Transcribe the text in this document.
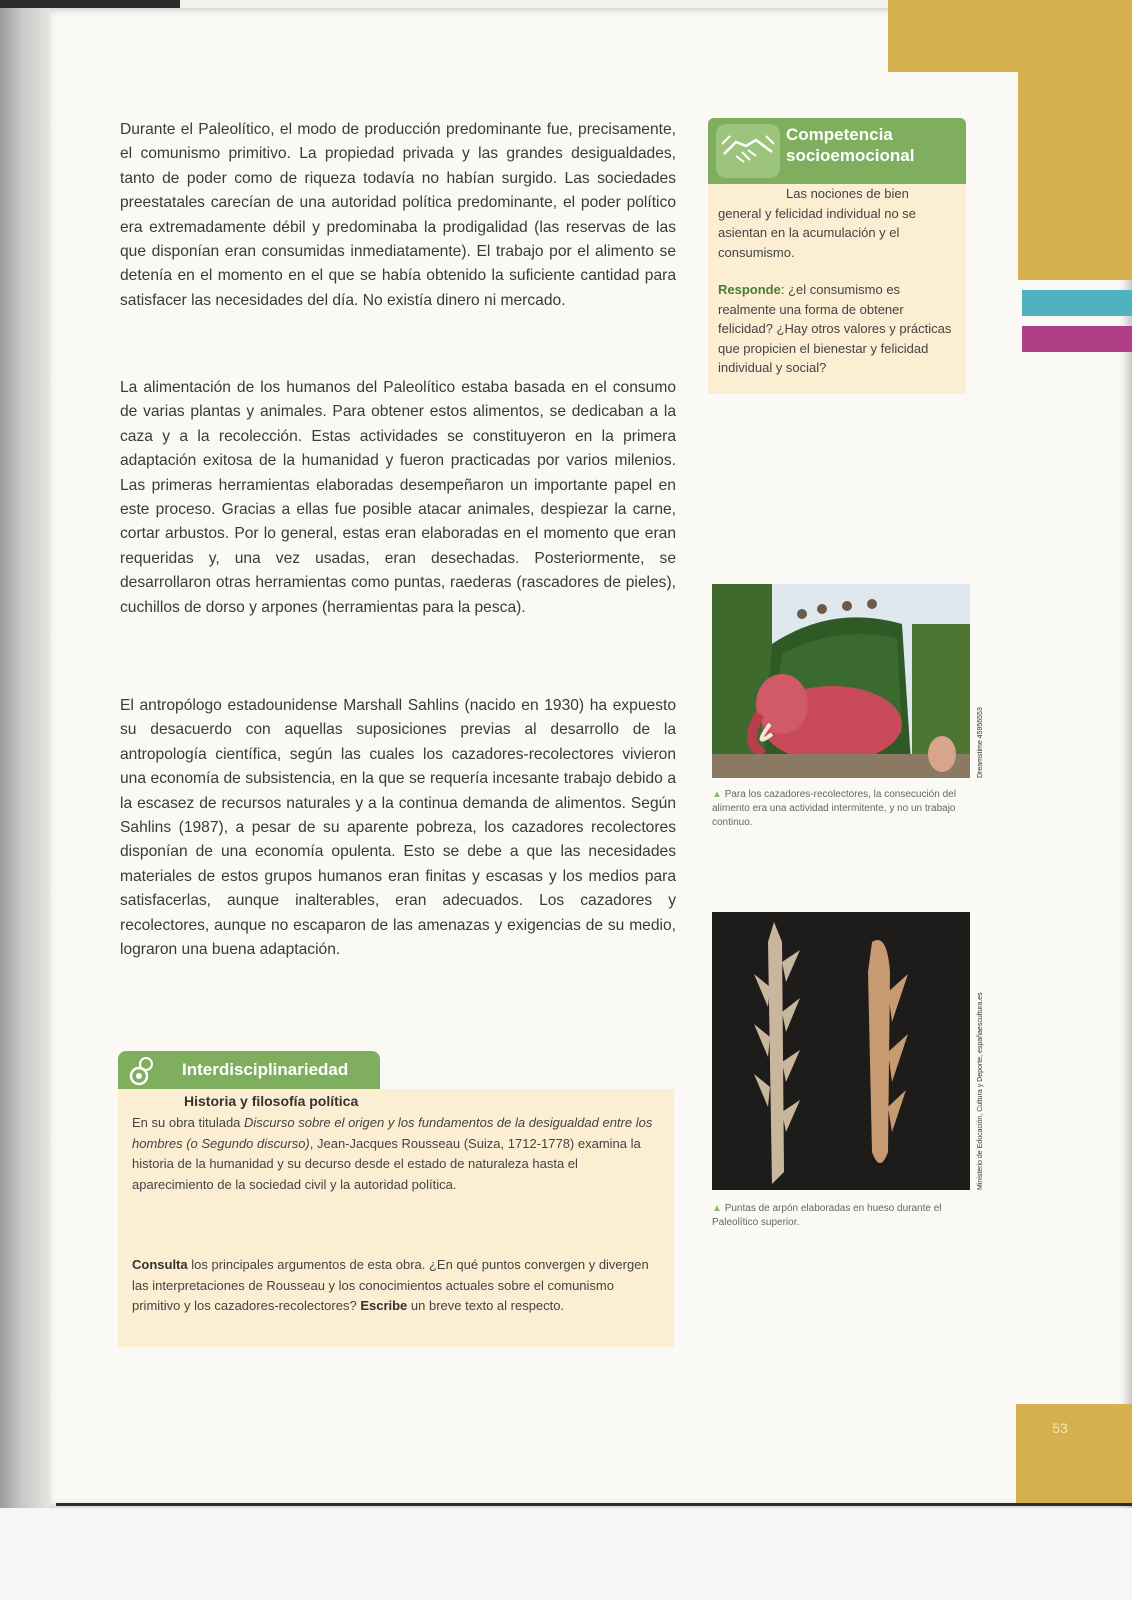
Durante el Paleolítico, el modo de producción predominante fue, precisamente, el comunismo primitivo. La propiedad privada y las grandes desigualdades, tanto de poder como de riqueza todavía no habían surgido. Las sociedades preestatales carecían de una autoridad política predominante, el poder político era extremadamente débil y predominaba la prodigalidad (las reservas de las que disponían eran consumidas inmediatamente). El trabajo por el alimento se detenía en el momento en el que se había obtenido la suficiente cantidad para satisfacer las necesidades del día. No existía dinero ni mercado.

La alimentación de los humanos del Paleolítico estaba basada en el consumo de varias plantas y animales. Para obtener estos alimentos, se dedicaban a la caza y a la recolección. Estas actividades se constituyeron en la primera adaptación exitosa de la humanidad y fueron practicadas por varios milenios. Las primeras herramientas elaboradas desempeñaron un importante papel en este proceso. Gracias a ellas fue posible atacar animales, despiezar la carne, cortar arbustos. Por lo general, estas eran elaboradas en el momento que eran requeridas y, una vez usadas, eran desechadas. Posteriormente, se desarrollaron otras herramientas como puntas, raederas (rascadores de pieles), cuchillos de dorso y arpones (herramientas para la pesca).

El antropólogo estadounidense Marshall Sahlins (nacido en 1930) ha expuesto su desacuerdo con aquellas suposiciones previas al desarrollo de la antropología científica, según las cuales los cazadores-recolectores vivieron una economía de subsistencia, en la que se requería incesante trabajo debido a la escasez de recursos naturales y a la continua demanda de alimentos. Según Sahlins (1987), a pesar de su aparente pobreza, los cazadores recolectores disponían de una economía opulenta. Esto se debe a que las necesidades materiales de estos grupos humanos eran finitas y escasas y los medios para satisfacerlas, aunque inalterables, eran adecuados. Los cazadores y recolectores, aunque no escaparon de las amenazas y exigencias de su medio, lograron una buena adaptación.

Competencia
socioemocional

Las nociones de bien general y felicidad individual no se asientan en la acumulación y el consumismo.

Responde: ¿el consumismo es realmente una forma de obtener felicidad? ¿Hay otros valores y prácticas que propicien el bienestar y felicidad individual y social?

Dreamstime 45956553

▲ Para los cazadores-recolectores, la consecución del alimento era una actividad intermitente, y no un trabajo continuo.

Ministerio de Educación, Cultura y Deporte, españaescultura.es

▲ Puntas de arpón elaboradas en hueso durante el Paleolítico superior.

Interdisciplinariedad

Historia y filosofía política

En su obra titulada Discurso sobre el origen y los fundamentos de la desigualdad entre los hombres (o Segundo discurso), Jean-Jacques Rousseau (Suiza, 1712-1778) examina la historia de la humanidad y su decurso desde el estado de naturaleza hasta el aparecimiento de la sociedad civil y la autoridad política.

Consulta los principales argumentos de esta obra. ¿En qué puntos convergen y divergen las interpretaciones de Rousseau y los conocimientos actuales sobre el comunismo primitivo y los cazadores-recolectores? Escribe un breve texto al respecto.

53
